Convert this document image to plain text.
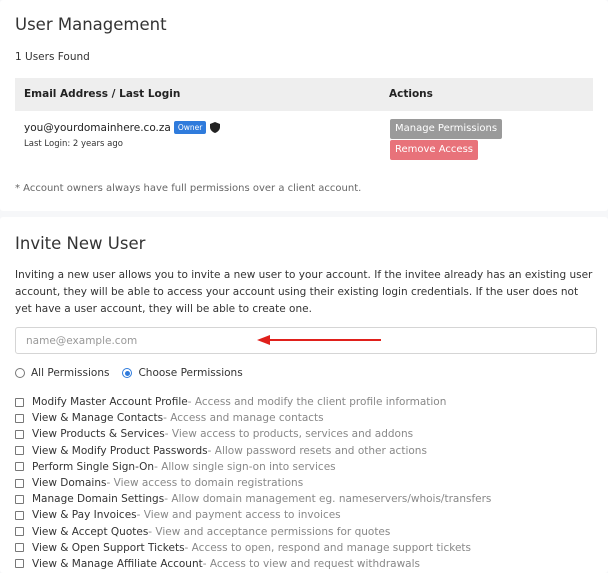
User Management
1 Users Found
Email Address / Last Login	Actions
you@yourdomainhere.co.za Owner
Last Login: 2 years ago
Manage Permissions
Remove Access
* Account owners always have full permissions over a client account.
Invite New User

Inviting a new user allows you to invite a new user to your account. If the invitee already has an existing user account, they will be able to access your account using their existing login credentials. If the user does not yet have a user account, they will be able to create one.

name@example.com
All Permissions	Choose Permissions
Modify Master Account Profile - Access and modify the client profile information
View & Manage Contacts - Access and manage contacts
View Products & Services - View access to products, services and addons
View & Modify Product Passwords - Allow password resets and other actions
Perform Single Sign-On - Allow single sign-on into services
View Domains - View access to domain registrations
Manage Domain Settings - Allow domain management eg. nameservers/whois/transfers
View & Pay Invoices - View and payment access to invoices
View & Accept Quotes - View and acceptance permissions for quotes
View & Open Support Tickets - Access to open, respond and manage support tickets
View & Manage Affiliate Account - Access to view and request withdrawals
